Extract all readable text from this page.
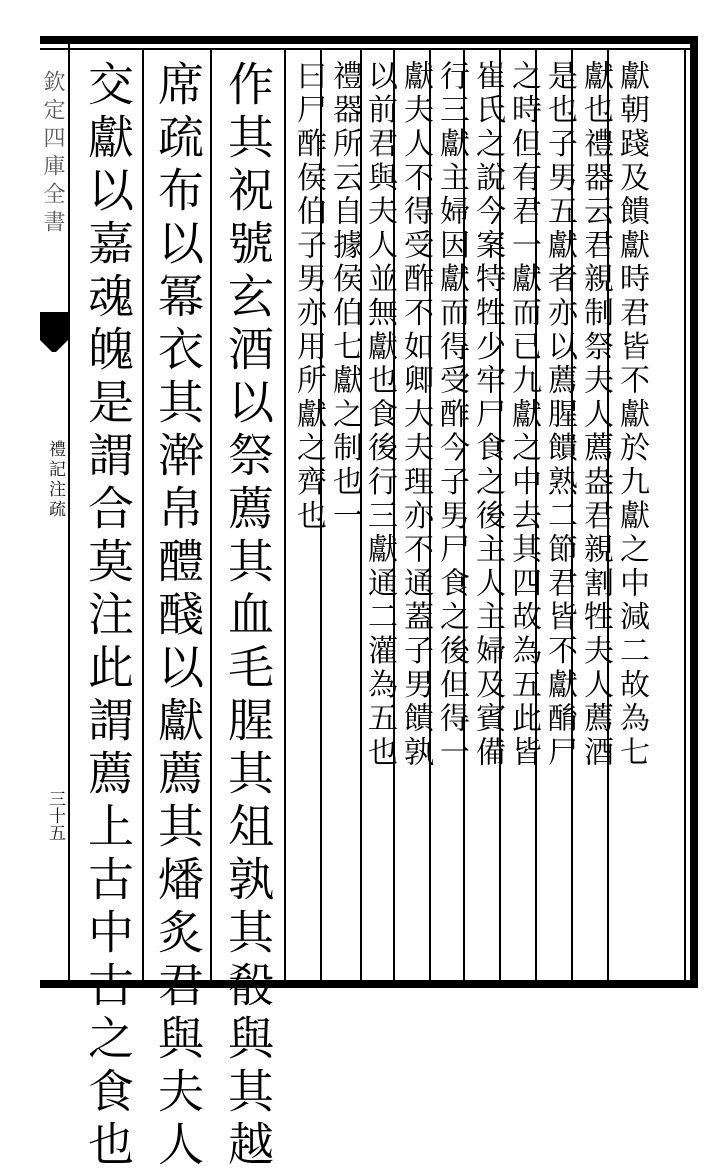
欽定四庫全書
禮記注疏
三十五
獻朝踐及饋獻時君皆不獻於九獻之中減二故為七
獻也禮器云君親制祭夫人薦盎君親割牲夫人薦酒
是也子男五獻者亦以薦腥饋熟二節君皆不獻酳尸
之時但有君一獻而已九獻之中去其四故為五此皆
崔氏之說今案特牲少牢尸食之後主人主婦及賓備
行三獻主婦因獻而得受酢今子男尸食之後但得一
獻夫人不得受酢不如卿大夫理亦不通蓋子男饋孰
以前君與夫人並無獻也食後行三獻通二灌為五也
禮器所云自據侯伯七獻之制也一
曰尸酢侯伯子男亦用所獻之齊也
作其祝號玄酒以祭薦其血毛腥其俎孰其殽與其越
席疏布以冪衣其澣帛醴醆以獻薦其燔炙君與夫人
交獻以嘉魂魄是謂合莫注此謂薦上古中古之食也
